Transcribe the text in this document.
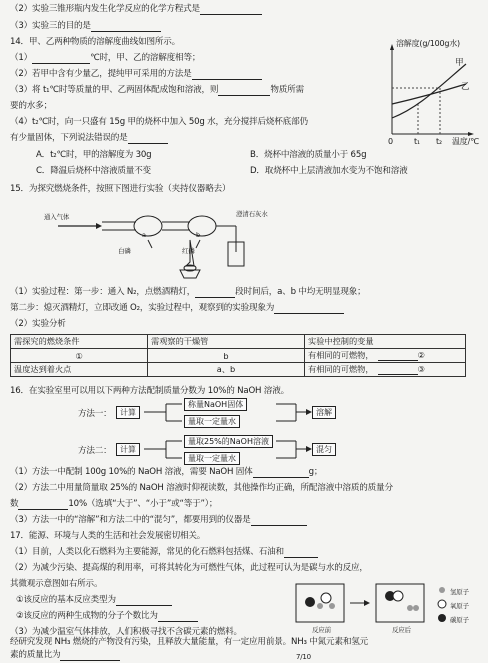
（2）实验三锥形瓶内发生化学反应的化学方程式是
（3）实验三的目的是
14．甲、乙两种物质的溶解度曲线如图所示。
（1）	℃时，甲、乙的溶解度相等；
（2）若甲中含有少量乙，提纯甲可采用的方法是
（3）将 t₁℃时等质量的甲、乙两固体配成饱和溶液，则	物质所需
要的水多；
（4）t₂℃时，向一只盛有 15g 甲的烧杯中加入 50g 水，充分搅拌后烧杯底部仍
有少量固体，下列说法错误的是
A．t₂℃时，甲的溶解度为 30g	B．烧杯中溶液的质量小于 65g
C．降温后烧杯中溶液质量不变	D．取烧杯中上层清液加水变为不饱和溶液
溶解度(g/100g水)
甲
乙
0	t₁ t₂ 温度/℃
15．为探究燃烧条件，按照下图进行实验（夹持仪器略去）
通入气体
白磷	红磷
澄清石灰水
a	b
（1）实验过程：第一步：通入 N₂，点燃酒精灯，	段时间后，a、b 中均无明显现象；
第二步：熄灭酒精灯，立即改通 O₂，实验过程中，观察到的实验现象为
（2）实验分析
需探究的燃烧条件	需观察的干燥管	实验中控制的变量
①	b	有相同的可燃物， ②
温度达到着火点	a、b	有相同的可燃物， ③
16．在实验室里可以用以下两种方法配制质量分数为 10%的 NaOH 溶液。
方法一：	计算
称量NaOH固体
量取一定量水
溶解
方法二：	计算
量取25%的NaOH溶液
量取一定量水
混匀
（1）方法一中配制 100g 10%的 NaOH 溶液，需要 NaOH 固体	g；
（2）方法二中用量筒量取 25%的 NaOH 溶液时仰视读数，其他操作均正确，所配溶液中溶质的质量分
数	10%（选填“大于”、“小于”或“等于”）；
（3）方法一中的“溶解”和方法二中的“混匀”，都要用到的仪器是
17．能源、环境与人类的生活和社会发展密切相关。
（1）目前，人类以化石燃料为主要能源，常见的化石燃料包括煤、石油和
（2）为减少污染、提高煤的利用率，可将其转化为可燃性气体，此过程可认为是碳与水的反应，
其微观示意图如右所示。
①该反应的基本反应类型为
②该反应的两种生成物的分子个数比为
（3）为减少温室气体排放，人们积极寻找不含碳元素的燃料。	反应前	反应后
氢原子
氧原子
碳原子
经研究发现 NH₃ 燃烧的产物没有污染，且释放大量能量，有一定应用前景。NH₃ 中氮元素和氢元
素的质量比为	7/10
